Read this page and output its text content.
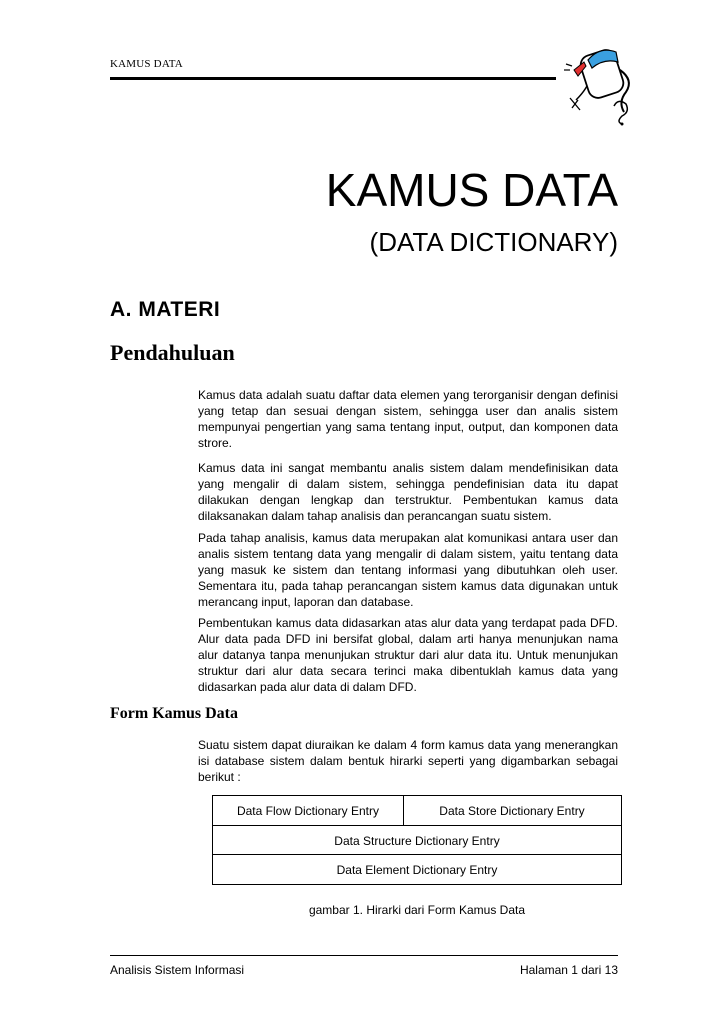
KAMUS DATA
KAMUS DATA
(DATA DICTIONARY)
A. MATERI
Pendahuluan

Kamus data adalah suatu daftar data elemen yang terorganisir dengan definisi yang tetap dan sesuai dengan sistem, sehingga user dan analis sistem mempunyai pengertian yang sama tentang input, output, dan komponen data strore.

Kamus data ini sangat membantu analis sistem dalam mendefinisikan data yang mengalir di dalam sistem, sehingga pendefinisian data itu dapat dilakukan dengan lengkap dan terstruktur. Pembentukan kamus data dilaksanakan dalam tahap analisis dan perancangan suatu sistem.

Pada tahap analisis, kamus data merupakan alat komunikasi antara user dan analis sistem tentang data yang mengalir di dalam sistem, yaitu tentang data yang masuk ke sistem dan tentang informasi yang dibutuhkan oleh user. Sementara itu, pada tahap perancangan sistem kamus data digunakan untuk merancang input, laporan dan database.

Pembentukan kamus data didasarkan atas alur data yang terdapat pada DFD. Alur data pada DFD ini bersifat global, dalam arti hanya menunjukan nama alur datanya tanpa menunjukan struktur dari alur data itu. Untuk menunjukan struktur dari alur data secara terinci maka dibentuklah kamus data yang didasarkan pada alur data di dalam DFD.

Form Kamus Data

Suatu sistem dapat diuraikan ke dalam 4 form kamus data yang menerangkan isi database sistem dalam bentuk hirarki seperti yang digambarkan sebagai berikut :

Data Flow Dictionary Entry	Data Store Dictionary Entry
Data Structure Dictionary Entry
Data Element Dictionary Entry
gambar 1. Hirarki dari Form Kamus Data
Analisis Sistem Informasi	Halaman 1 dari 13
